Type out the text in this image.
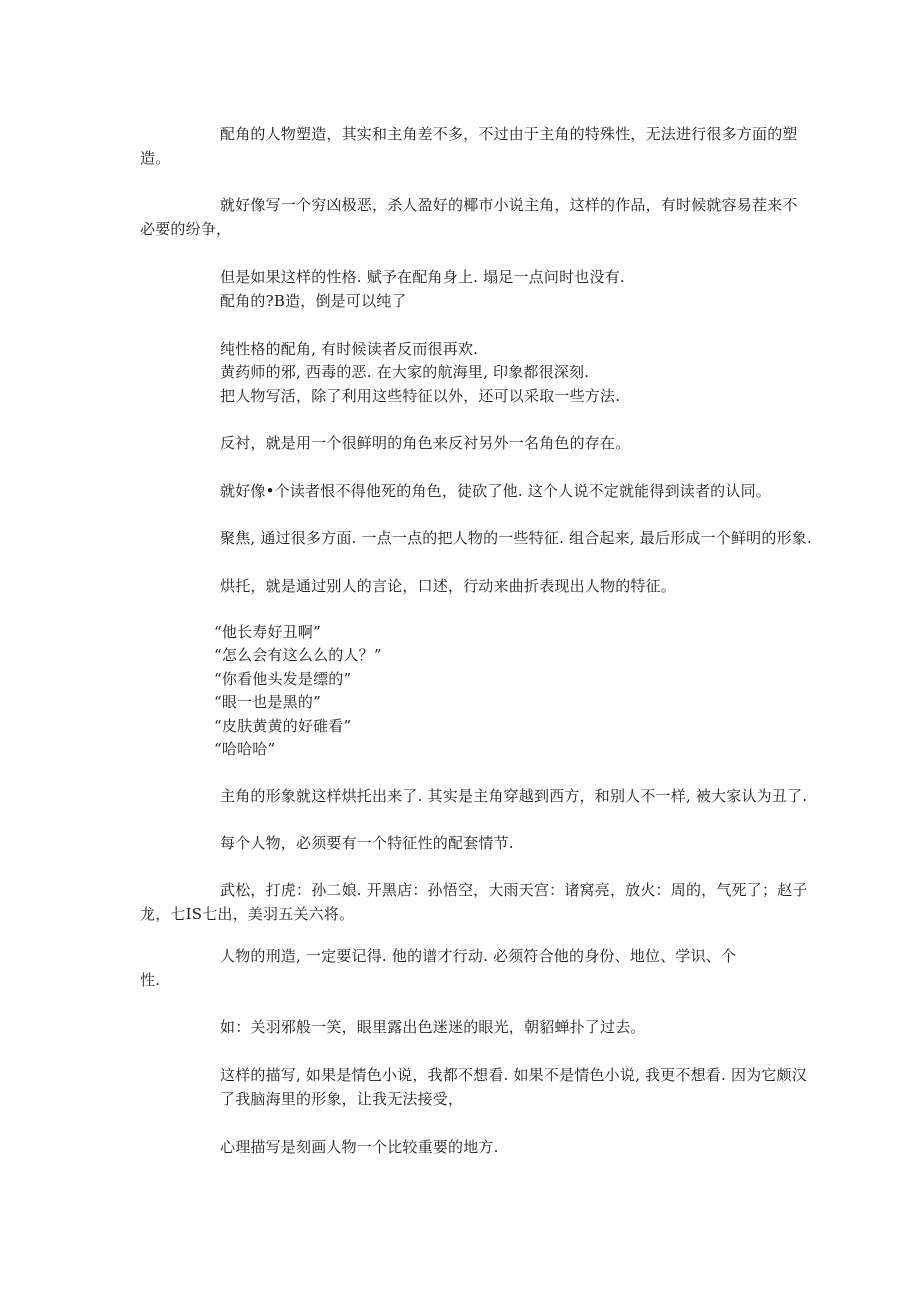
配角的人物塑造，其实和主角差不多，不过由于主角的特殊性，无法进行很多方面的塑
造。
就好像写一个穷凶极恶，杀人盈好的椰市小说主角，这样的作品，有时候就容易茬来不
必要的纷争，
但是如果这样的性格. 赋予在配角身上. 塌足一点问时也没有.
配角的?B造，倒是可以纯了
纯性格的配角, 有时候读者反而很再欢.
黄药师的邪, 西毒的恶. 在大家的航海里, 印象都很深刻.
把人物写活，除了利用这些特征以外，还可以采取一些方法.
反衬，就是用一个很鲜明的角色来反衬另外一名角色的存在。
就好像•个读者恨不得他死的角色，徒砍了他. 这个人说不定就能得到读者的认同。
聚焦, 通过很多方面. 一点一点的把人物的一些特征. 组合起来, 最后形成一个鲜明的形象.
烘托，就是通过别人的言论，口述，行动来曲折表现出人物的特征。
“他长寿好丑啊”
“怎么会有这么么的人？”
“你看他头发是缥的”
“眼一也是黑的”
“皮肤黄黄的好碓看”
“哈哈哈”
主角的形象就这样烘托出来了. 其实是主角穿越到西方，和别人不一样, 被大家认为丑了.
每个人物，必须要有一个特征性的配套情节.
武松，打虎：孙二娘. 开黑店：孙悟空，大雨天宫：诸窝亮，放火：周的，气死了；赵子
龙，七IS七出，美羽五关六将。
人物的刑造, 一定要记得. 他的谱才行动. 必须符合他的身份、地位、学识、个
性.
如：关羽邪般一笑，眼里露出色迷迷的眼光，朝貂蝉扑了过去。
这样的描写, 如果是情色小说，我都不想看. 如果不是情色小说, 我更不想看. 因为它颇汉
了我脑海里的形象，让我无法接受，
心理描写是刻画人物一个比较重要的地方.
